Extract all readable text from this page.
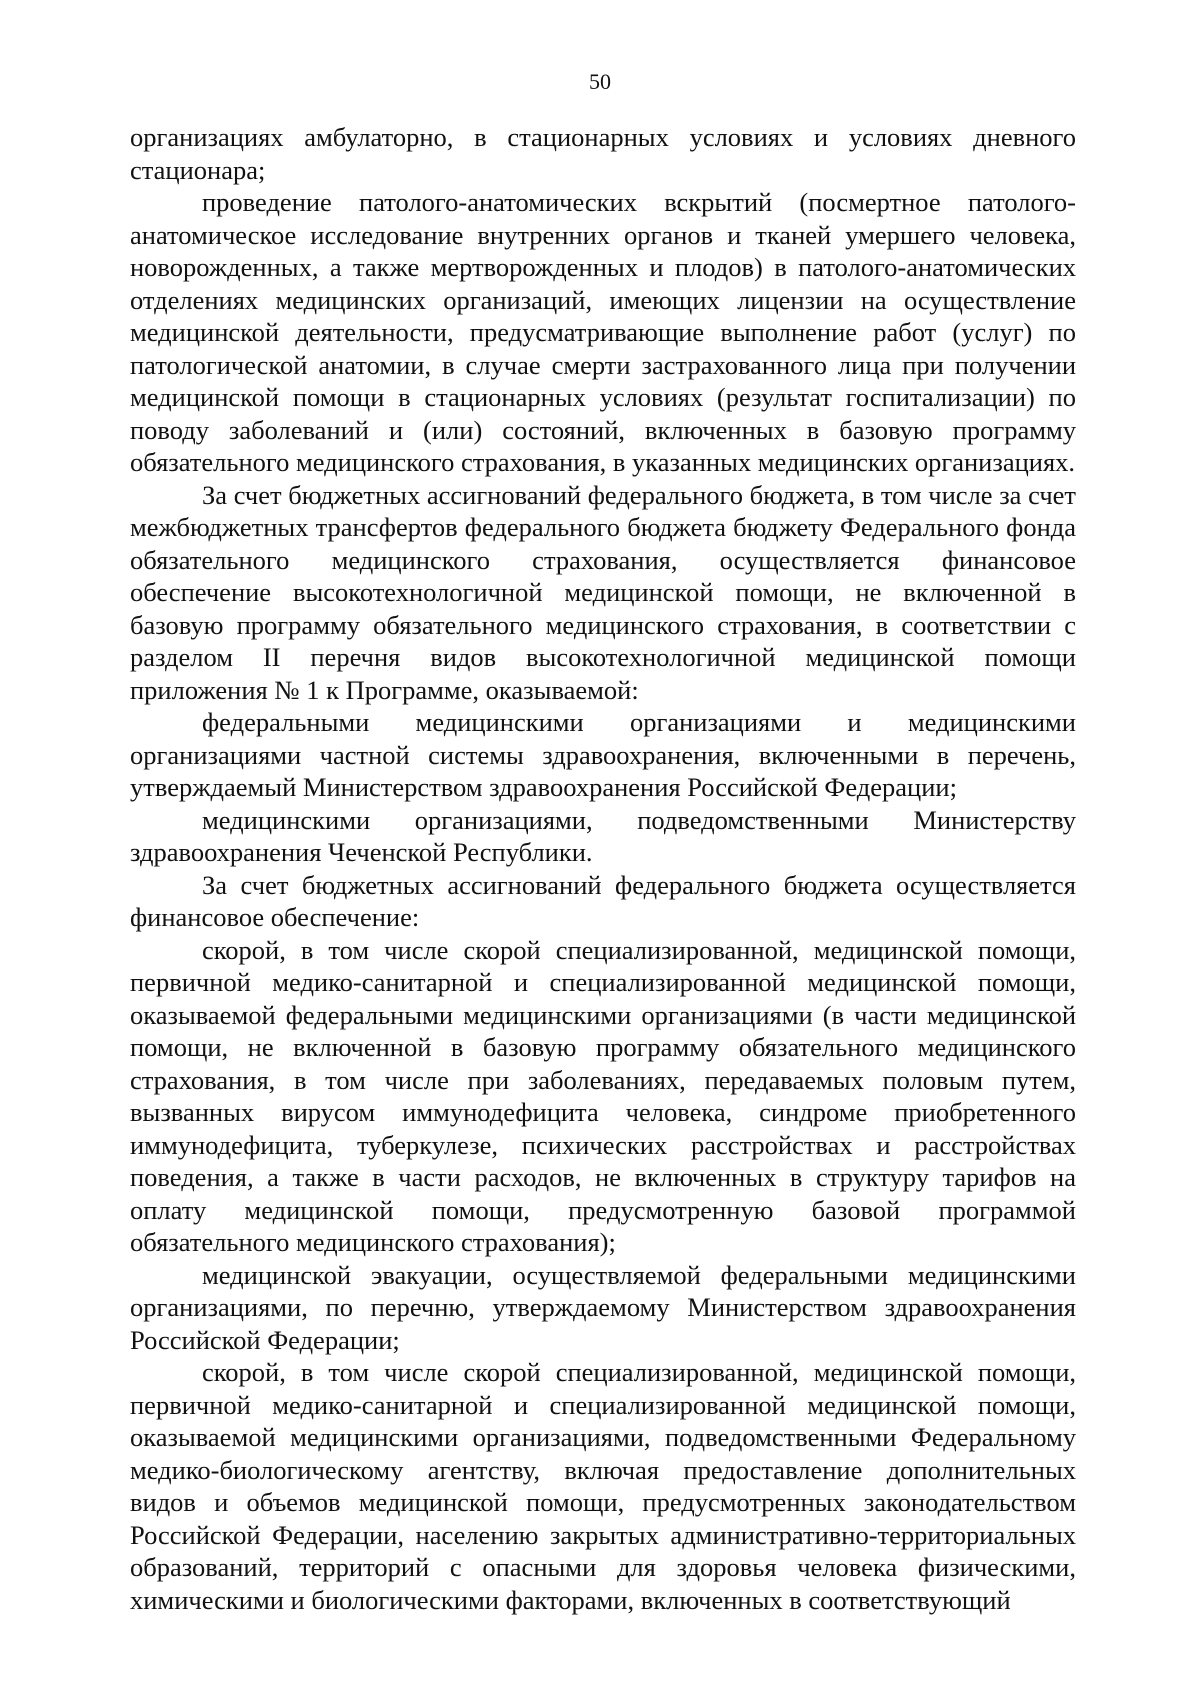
50

организациях амбулаторно, в стационарных условиях и условиях дневного стационара;

проведение патолого-анатомических вскрытий (посмертное патолого-анатомическое исследование внутренних органов и тканей умершего человека, новорожденных, а также мертворожденных и плодов) в патолого-анатомических отделениях медицинских организаций, имеющих лицензии на осуществление медицинской деятельности, предусматривающие выполнение работ (услуг) по патологической анатомии, в случае смерти застрахованного лица при получении медицинской помощи в стационарных условиях (результат госпитализации) по поводу заболеваний и (или) состояний, включенных в базовую программу обязательного медицинского страхования, в указанных медицинских организациях.

За счет бюджетных ассигнований федерального бюджета, в том числе за счет межбюджетных трансфертов федерального бюджета бюджету Федерального фонда обязательного медицинского страхования, осуществляется финансовое обеспечение высокотехнологичной медицинской помощи, не включенной в базовую программу обязательного медицинского страхования, в соответствии с разделом II перечня видов высокотехнологичной медицинской помощи приложения № 1 к Программе, оказываемой:

федеральными медицинскими организациями и медицинскими организациями частной системы здравоохранения, включенными в перечень, утверждаемый Министерством здравоохранения Российской Федерации;

медицинскими организациями, подведомственными Министерству здравоохранения Чеченской Республики.

За счет бюджетных ассигнований федерального бюджета осуществляется финансовое обеспечение:

скорой, в том числе скорой специализированной, медицинской помощи, первичной медико-санитарной и специализированной медицинской помощи, оказываемой федеральными медицинскими организациями (в части медицинской помощи, не включенной в базовую программу обязательного медицинского страхования, в том числе при заболеваниях, передаваемых половым путем, вызванных вирусом иммунодефицита человека, синдроме приобретенного иммунодефицита, туберкулезе, психических расстройствах и расстройствах поведения, а также в части расходов, не включенных в структуру тарифов на оплату медицинской помощи, предусмотренную базовой программой обязательного медицинского страхования);

медицинской эвакуации, осуществляемой федеральными медицинскими организациями, по перечню, утверждаемому Министерством здравоохранения Российской Федерации;

скорой, в том числе скорой специализированной, медицинской помощи, первичной медико-санитарной и специализированной медицинской помощи, оказываемой медицинскими организациями, подведомственными Федеральному медико-биологическому агентству, включая предоставление дополнительных видов и объемов медицинской помощи, предусмотренных законодательством Российской Федерации, населению закрытых административно-территориальных образований, территорий с опасными для здоровья человека физическими, химическими и биологическими факторами, включенных в соответствующий
